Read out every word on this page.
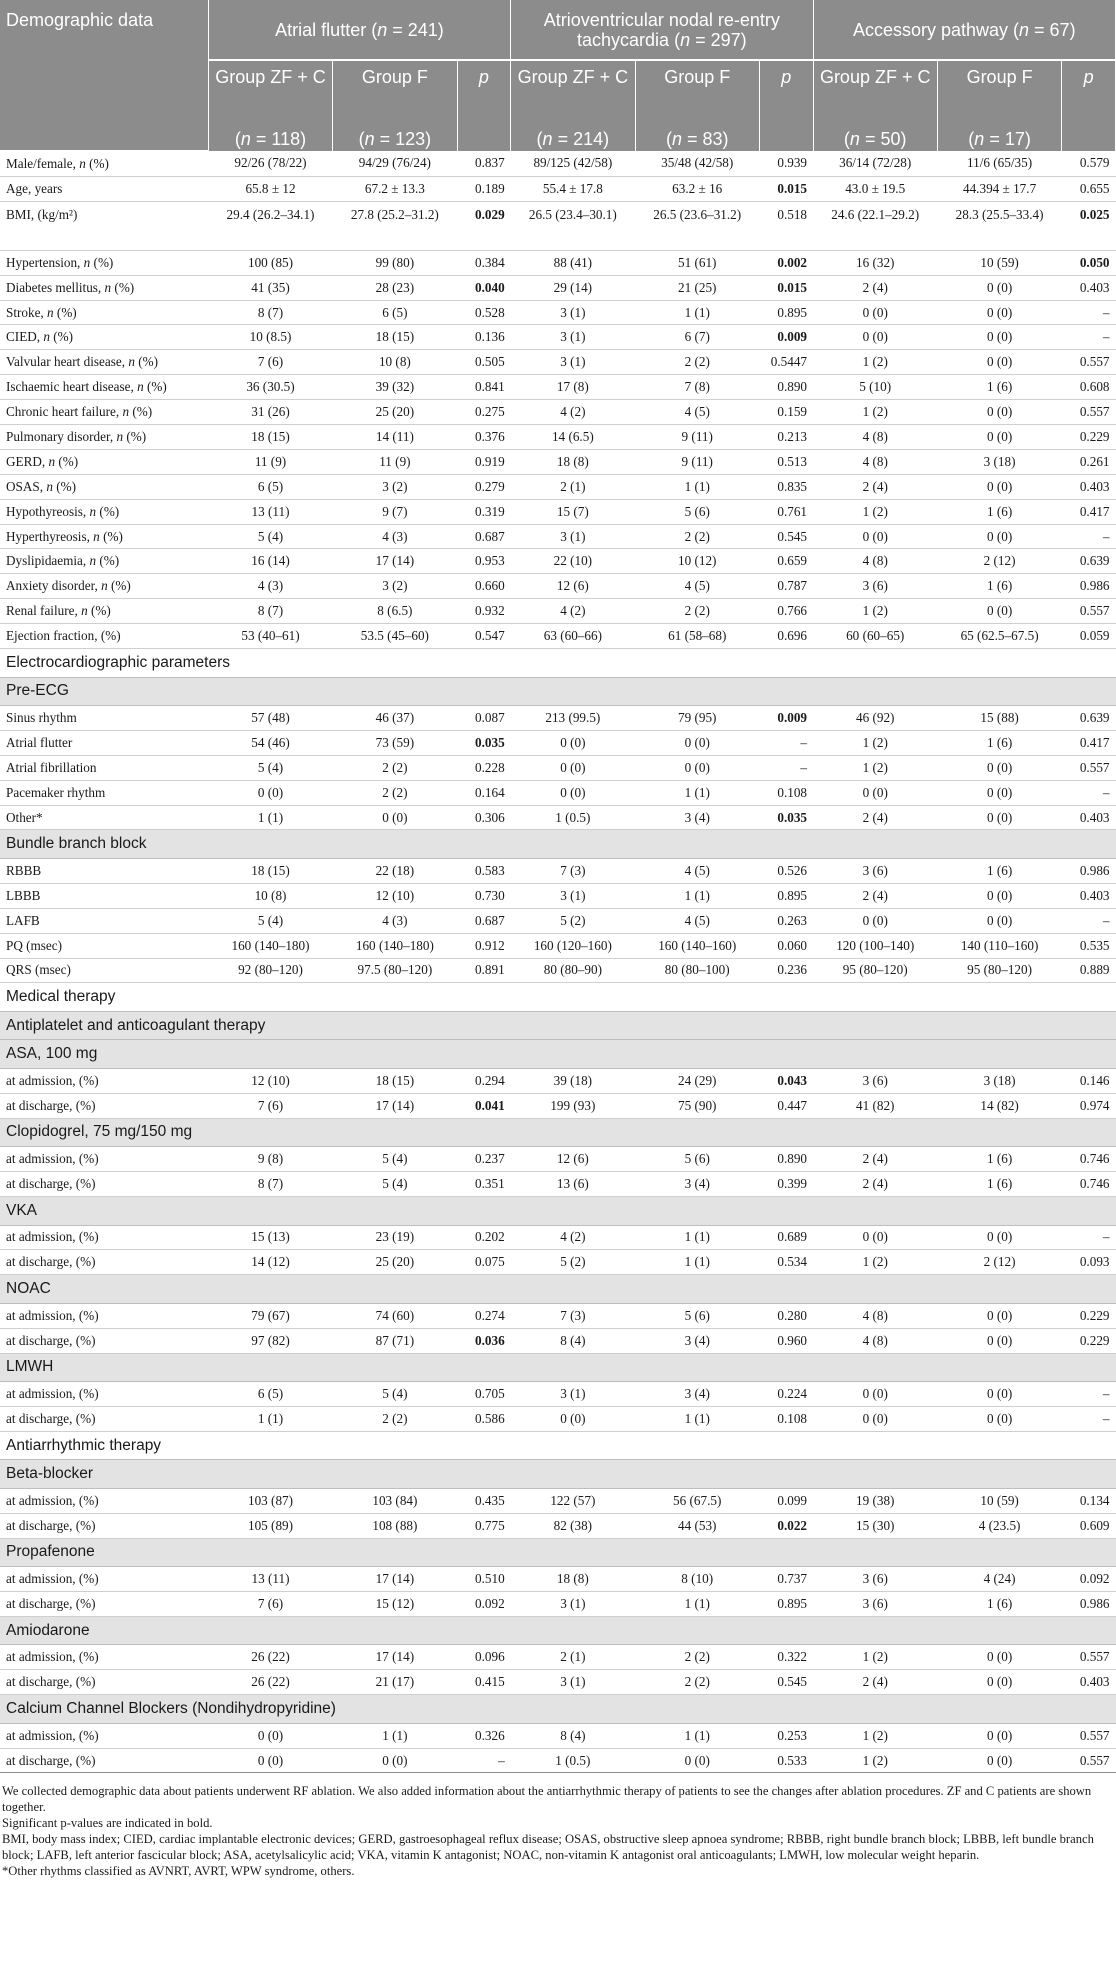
Demographic data	Atrial flutter (n = 241)			Atrioventricular nodal re-entry tachycardia (n = 297)			Accessory pathway (n = 67)		
	Group ZF + C	Group F	p	Group ZF + C	Group F	p	Group ZF + C	Group F	p
	(n = 118)	(n = 123)		(n = 214)	(n = 83)		(n = 50)	(n = 17)	
Male/female, n (%)	92/26 (78/22)	94/29 (76/24)	0.837	89/125 (42/58)	35/48 (42/58)	0.939	36/14 (72/28)	11/6 (65/35)	0.579
Age, years	65.8 ± 12	67.2 ± 13.3	0.189	55.4 ± 17.8	63.2 ± 16	0.015	43.0 ± 19.5	44.394 ± 17.7	0.655
BMI, (kg/m²)	29.4 (26.2–34.1)	27.8 (25.2–31.2)	0.029	26.5 (23.4–30.1)	26.5 (23.6–31.2)	0.518	24.6 (22.1–29.2)	28.3 (25.5–33.4)	0.025
Hypertension, n (%)	100 (85)	99 (80)	0.384	88 (41)	51 (61)	0.002	16 (32)	10 (59)	0.050
Diabetes mellitus, n (%)	41 (35)	28 (23)	0.040	29 (14)	21 (25)	0.015	2 (4)	0 (0)	0.403
Stroke, n (%)	8 (7)	6 (5)	0.528	3 (1)	1 (1)	0.895	0 (0)	0 (0)	–
CIED, n (%)	10 (8.5)	18 (15)	0.136	3 (1)	6 (7)	0.009	0 (0)	0 (0)	–
Valvular heart disease, n (%)	7 (6)	10 (8)	0.505	3 (1)	2 (2)	0.5447	1 (2)	0 (0)	0.557
Ischaemic heart disease, n (%)	36 (30.5)	39 (32)	0.841	17 (8)	7 (8)	0.890	5 (10)	1 (6)	0.608
Chronic heart failure, n (%)	31 (26)	25 (20)	0.275	4 (2)	4 (5)	0.159	1 (2)	0 (0)	0.557
Pulmonary disorder, n (%)	18 (15)	14 (11)	0.376	14 (6.5)	9 (11)	0.213	4 (8)	0 (0)	0.229
GERD, n (%)	11 (9)	11 (9)	0.919	18 (8)	9 (11)	0.513	4 (8)	3 (18)	0.261
OSAS, n (%)	6 (5)	3 (2)	0.279	2 (1)	1 (1)	0.835	2 (4)	0 (0)	0.403
Hypothyreosis, n (%)	13 (11)	9 (7)	0.319	15 (7)	5 (6)	0.761	1 (2)	1 (6)	0.417
Hyperthyreosis, n (%)	5 (4)	4 (3)	0.687	3 (1)	2 (2)	0.545	0 (0)	0 (0)	–
Dyslipidaemia, n (%)	16 (14)	17 (14)	0.953	22 (10)	10 (12)	0.659	4 (8)	2 (12)	0.639
Anxiety disorder, n (%)	4 (3)	3 (2)	0.660	12 (6)	4 (5)	0.787	3 (6)	1 (6)	0.986
Renal failure, n (%)	8 (7)	8 (6.5)	0.932	4 (2)	2 (2)	0.766	1 (2)	0 (0)	0.557
Ejection fraction, (%)	53 (40–61)	53.5 (45–60)	0.547	63 (60–66)	61 (58–68)	0.696	60 (60–65)	65 (62.5–67.5)	0.059
Electrocardiographic parameters									
Pre-ECG									
Sinus rhythm	57 (48)	46 (37)	0.087	213 (99.5)	79 (95)	0.009	46 (92)	15 (88)	0.639
Atrial flutter	54 (46)	73 (59)	0.035	0 (0)	0 (0)	–	1 (2)	1 (6)	0.417
Atrial fibrillation	5 (4)	2 (2)	0.228	0 (0)	0 (0)	–	1 (2)	0 (0)	0.557
Pacemaker rhythm	0 (0)	2 (2)	0.164	0 (0)	1 (1)	0.108	0 (0)	0 (0)	–
Other*	1 (1)	0 (0)	0.306	1 (0.5)	3 (4)	0.035	2 (4)	0 (0)	0.403
Bundle branch block									
RBBB	18 (15)	22 (18)	0.583	7 (3)	4 (5)	0.526	3 (6)	1 (6)	0.986
LBBB	10 (8)	12 (10)	0.730	3 (1)	1 (1)	0.895	2 (4)	0 (0)	0.403
LAFB	5 (4)	4 (3)	0.687	5 (2)	4 (5)	0.263	0 (0)	0 (0)	–
PQ (msec)	160 (140–180)	160 (140–180)	0.912	160 (120–160)	160 (140–160)	0.060	120 (100–140)	140 (110–160)	0.535
QRS (msec)	92 (80–120)	97.5 (80–120)	0.891	80 (80–90)	80 (80–100)	0.236	95 (80–120)	95 (80–120)	0.889
Medical therapy									
Antiplatelet and anticoagulant therapy									
ASA, 100 mg									
at admission, (%)	12 (10)	18 (15)	0.294	39 (18)	24 (29)	0.043	3 (6)	3 (18)	0.146
at discharge, (%)	7 (6)	17 (14)	0.041	199 (93)	75 (90)	0.447	41 (82)	14 (82)	0.974
Clopidogrel, 75 mg/150 mg									
at admission, (%)	9 (8)	5 (4)	0.237	12 (6)	5 (6)	0.890	2 (4)	1 (6)	0.746
at discharge, (%)	8 (7)	5 (4)	0.351	13 (6)	3 (4)	0.399	2 (4)	1 (6)	0.746
VKA									
at admission, (%)	15 (13)	23 (19)	0.202	4 (2)	1 (1)	0.689	0 (0)	0 (0)	–
at discharge, (%)	14 (12)	25 (20)	0.075	5 (2)	1 (1)	0.534	1 (2)	2 (12)	0.093
NOAC									
at admission, (%)	79 (67)	74 (60)	0.274	7 (3)	5 (6)	0.280	4 (8)	0 (0)	0.229
at discharge, (%)	97 (82)	87 (71)	0.036	8 (4)	3 (4)	0.960	4 (8)	0 (0)	0.229
LMWH									
at admission, (%)	6 (5)	5 (4)	0.705	3 (1)	3 (4)	0.224	0 (0)	0 (0)	–
at discharge, (%)	1 (1)	2 (2)	0.586	0 (0)	1 (1)	0.108	0 (0)	0 (0)	–
Antiarrhythmic therapy									
Beta-blocker									
at admission, (%)	103 (87)	103 (84)	0.435	122 (57)	56 (67.5)	0.099	19 (38)	10 (59)	0.134
at discharge, (%)	105 (89)	108 (88)	0.775	82 (38)	44 (53)	0.022	15 (30)	4 (23.5)	0.609
Propafenone									
at admission, (%)	13 (11)	17 (14)	0.510	18 (8)	8 (10)	0.737	3 (6)	4 (24)	0.092
at discharge, (%)	7 (6)	15 (12)	0.092	3 (1)	1 (1)	0.895	3 (6)	1 (6)	0.986
Amiodarone									
at admission, (%)	26 (22)	17 (14)	0.096	2 (1)	2 (2)	0.322	1 (2)	0 (0)	0.557
at discharge, (%)	26 (22)	21 (17)	0.415	3 (1)	2 (2)	0.545	2 (4)	0 (0)	0.403
Calcium Channel Blockers (Nondihydropyridine)									
at admission, (%)	0 (0)	1 (1)	0.326	8 (4)	1 (1)	0.253	1 (2)	0 (0)	0.557
at discharge, (%)	0 (0)	0 (0)	–	1 (0.5)	0 (0)	0.533	1 (2)	0 (0)	0.557

We collected demographic data about patients underwent RF ablation. We also added information about the antiarrhythmic therapy of patients to see the changes after ablation procedures. ZF and C patients are shown together.

Significant p-values are indicated in bold.

BMI, body mass index; CIED, cardiac implantable electronic devices; GERD, gastroesophageal reflux disease; OSAS, obstructive sleep apnoea syndrome; RBBB, right bundle branch block; LBBB, left bundle branch block; LAFB, left anterior fascicular block; ASA, acetylsalicylic acid; VKA, vitamin K antagonist; NOAC, non-vitamin K antagonist oral anticoagulants; LMWH, low molecular weight heparin.

*Other rhythms classified as AVNRT, AVRT, WPW syndrome, others.
